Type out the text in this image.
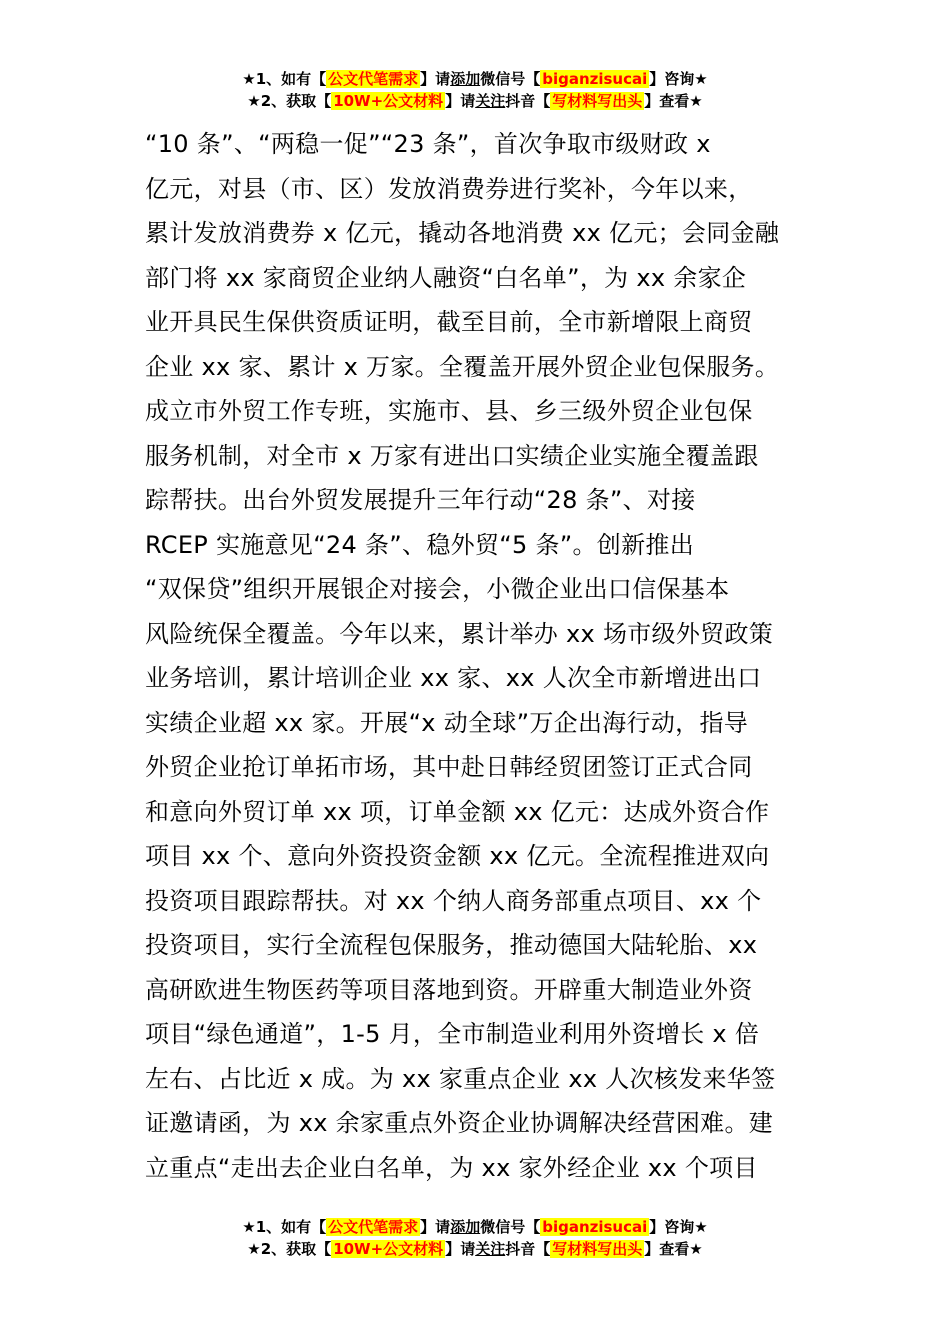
★1、如有【 公文代笔需求 】请添加微信号【 biganzisucai 】咨询★
★2、获取【 10W+公文材料 】请关注抖音【 写材料写出头 】查看★
“10 条”、“两稳一促”“23 条”，首次争取市级财政 x
亿元，对县（市、区）发放消费券进行奖补，今年以来，
累计发放消费券 x 亿元，撬动各地消费 xx 亿元；会同金融
部门将 xx 家商贸企业纳人融资“白名单”，为 xx 余家企
业开具民生保供资质证明，截至目前，全市新增限上商贸
企业 xx 家、累计 x 万家。全覆盖开展外贸企业包保服务。
成立市外贸工作专班，实施市、县、乡三级外贸企业包保
服务机制，对全市 x 万家有进出口实绩企业实施全覆盖跟
踪帮扶。出台外贸发展提升三年行动“28 条”、对接
RCEP 实施意见“24 条”、稳外贸“5 条”。创新推出
“双保贷”组织开展银企对接会，小微企业出口信保基本
风险统保全覆盖。今年以来，累计举办 xx 场市级外贸政策
业务培训，累计培训企业 xx 家、xx 人次全市新增进出口
实绩企业超 xx 家。开展“x 动全球”万企出海行动，指导
外贸企业抢订单拓市场，其中赴日韩经贸团签订正式合同
和意向外贸订单 xx 项，订单金额 xx 亿元：达成外资合作
项目 xx 个、意向外资投资金额 xx 亿元。全流程推进双向
投资项目跟踪帮扶。对 xx 个纳人商务部重点项目、xx 个
投资项目，实行全流程包保服务，推动德国大陆轮胎、xx
高研欧进生物医药等项目落地到资。开辟重大制造业外资
项目“绿色通道”，1-5 月，全市制造业利用外资增长 x 倍
左右、占比近 x 成。为 xx 家重点企业 xx 人次核发来华签
证邀请函，为 xx 余家重点外资企业协调解决经营困难。建
立重点“走出去企业白名单，为 xx 家外经企业 xx 个项目
★1、如有【 公文代笔需求 】请添加微信号【 biganzisucai 】咨询★
★2、获取【 10W+公文材料 】请关注抖音【 写材料写出头 】查看★
